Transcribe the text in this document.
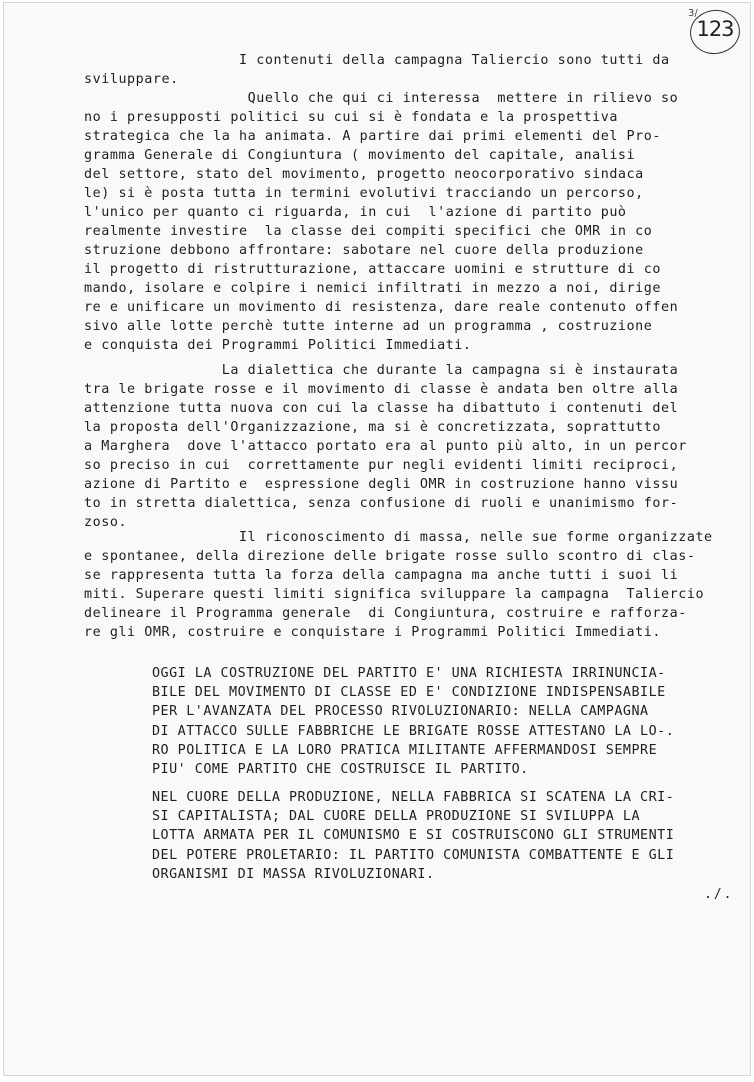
3/
123

I contenuti della campagna Taliercio sono tutti da
sviluppare.

Quello che qui ci interessa  mettere in rilievo so
no i presupposti politici su cui si è fondata e la prospettiva
strategica che la ha animata. A partire dai primi elementi del Pro-
gramma Generale di Congiuntura ( movimento del capitale, analisi
del settore, stato del movimento, progetto neocorporativo sindaca
le) si è posta tutta in termini evolutivi tracciando un percorso,
l'unico per quanto ci riguarda, in cui  l'azione di partito può
realmente investire  la classe dei compiti specifici che OMR in co
struzione debbono affrontare: sabotare nel cuore della produzione
il progetto di ristrutturazione, attaccare uomini e strutture di co
mando, isolare e colpire i nemici infiltrati in mezzo a noi, dirige
re e unificare un movimento di resistenza, dare reale contenuto offen
sivo alle lotte perchè tutte interne ad un programma , costruzione
e conquista dei Programmi Politici Immediati.

La dialettica che durante la campagna si è instaurata
tra le brigate rosse e il movimento di classe è andata ben oltre alla
attenzione tutta nuova con cui la classe ha dibattuto i contenuti del
la proposta dell'Organizzazione, ma si è concretizzata, soprattutto
a Marghera  dove l'attacco portato era al punto più alto, in un percor
so preciso in cui  correttamente pur negli evidenti limiti reciproci,
azione di Partito e  espressione degli OMR in costruzione hanno vissu
to in stretta dialettica, senza confusione di ruoli e unanimismo for-
zoso.

Il riconoscimento di massa, nelle sue forme organizzate
e spontanee, della direzione delle brigate rosse sullo scontro di clas-
se rappresenta tutta la forza della campagna ma anche tutti i suoi li
miti. Superare questi limiti significa sviluppare la campagna  Taliercio
delineare il Programma generale  di Congiuntura, costruire e rafforza-
re gli OMR, costruire e conquistare i Programmi Politici Immediati.

OGGI LA COSTRUZIONE DEL PARTITO E' UNA RICHIESTA IRRINUNCIA-
BILE DEL MOVIMENTO DI CLASSE ED E' CONDIZIONE INDISPENSABILE
PER L'AVANZATA DEL PROCESSO RIVOLUZIONARIO: NELLA CAMPAGNA
DI ATTACCO SULLE FABBRICHE LE BRIGATE ROSSE ATTESTANO LA LO-.
RO POLITICA E LA LORO PRATICA MILITANTE AFFERMANDOSI SEMPRE
PIU' COME PARTITO CHE COSTRUISCE IL PARTITO.

NEL CUORE DELLA PRODUZIONE, NELLA FABBRICA SI SCATENA LA CRI-
SI CAPITALISTA; DAL CUORE DELLA PRODUZIONE SI SVILUPPA LA
LOTTA ARMATA PER IL COMUNISMO E SI COSTRUISCONO GLI STRUMENTI
DEL POTERE PROLETARIO: IL PARTITO COMUNISTA COMBATTENTE E GLI
ORGANISMI DI MASSA RIVOLUZIONARI.

./.
